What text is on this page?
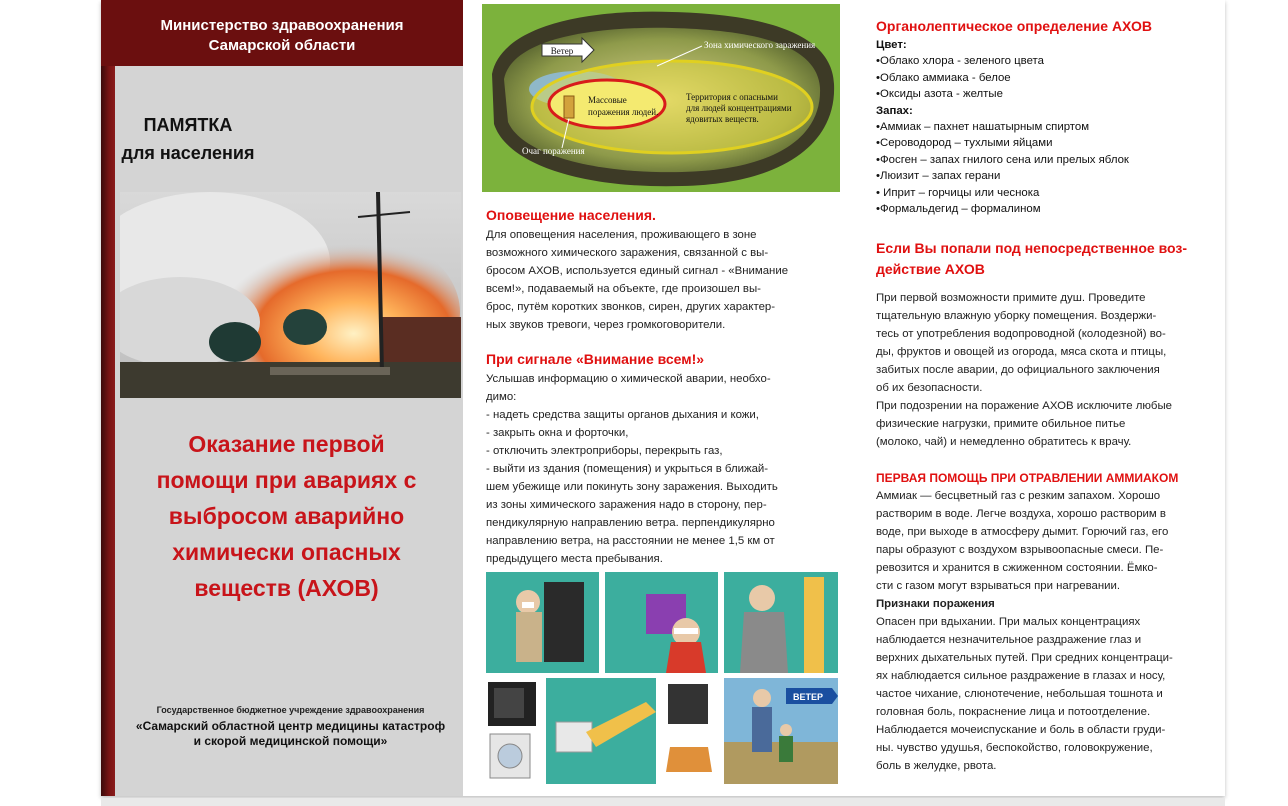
Министерство здравоохранения
Самарской области
ПАМЯТКА
для населения
Оказание первой
помощи при авариях с
выбросом аварийно
химически опасных
веществ (АХОВ)
Государственное бюджетное учреждение здравоохранения
«Самарский областной центр медицины катастроф
и скорой медицинской помощи»
Ветер
Зона химического заражения
Массовые
поражения людей.
Территория с опасными
для людей концентрациями
ядовитых веществ.
Очаг поражения
Оповещение населения.
Для оповещения населения, проживающего в зоне
возможного химического заражения, связанной с вы-
бросом АХОВ, используется единый сигнал - «Внимание
всем!», подаваемый на объекте, где произошел вы-
брос, путём коротких звонков, сирен, других характер-
ных звуков тревоги, через громкоговорители.
При сигнале «Внимание всем!»
Услышав информацию о химической аварии, необхо-
димо:
- надеть средства защиты органов дыхания и кожи,
- закрыть окна и форточки,
- отключить электроприборы, перекрыть газ,
- выйти из здания (помещения) и укрыться в ближай-
шем убежище или покинуть зону заражения. Выходить
из зоны химического заражения надо в сторону, пер-
пендикулярную направлению ветра. перпендикулярно
направлению ветра, на расстоянии не менее 1,5 км от
предыдущего места пребывания.
ВЕТЕР
Органолептическое определение АХОВ
Цвет:
• Облако хлора - зеленого цвета
• Облако аммиака - белое
• Оксиды азота - желтые
Запах:
• Аммиак – пахнет нашатырным спиртом
• Сероводород – тухлыми яйцами
• Фосген – запах гнилого сена или прелых яблок
• Люизит – запах герани
• Иприт – горчицы или чеснока
• Формальдегид – формалином
Если Вы попали под непосредственное воз-
действие АХОВ
При первой возможности примите душ. Проведите
тщательную влажную уборку помещения. Воздержи-
тесь от употребления водопроводной (колодезной) во-
ды, фруктов и овощей из огорода, мяса скота и птицы,
забитых после аварии, до официального заключения
об их безопасности.
При подозрении на поражение АХОВ исключите любые
физические нагрузки, примите обильное питье
(молоко, чай) и немедленно обратитесь к врачу.
ПЕРВАЯ ПОМОЩЬ ПРИ ОТРАВЛЕНИИ АММИАКОМ
Аммиак — бесцветный газ с резким запахом. Хорошо
растворим в воде. Легче воздуха, хорошо растворим в
воде, при выходе в атмосферу дымит. Горючий газ, его
пары образуют с воздухом взрывоопасные смеси. Пе-
ревозится и хранится в сжиженном состоянии. Ёмко-
сти с газом могут взрываться при нагревании.
Признаки поражения
Опасен при вдыхании. При малых концентрациях
наблюдается незначительное раздражение глаз и
верхних дыхательных путей. При средних концентраци-
ях наблюдается сильное раздражение в глазах и носу,
частое чихание, слюнотечение, небольшая тошнота и
головная боль, покраснение лица и потоотделение.
Наблюдается мочеиспускание и боль в области груди-
ны. чувство удушья, беспокойство, головокружение,
боль в желудке, рвота.
